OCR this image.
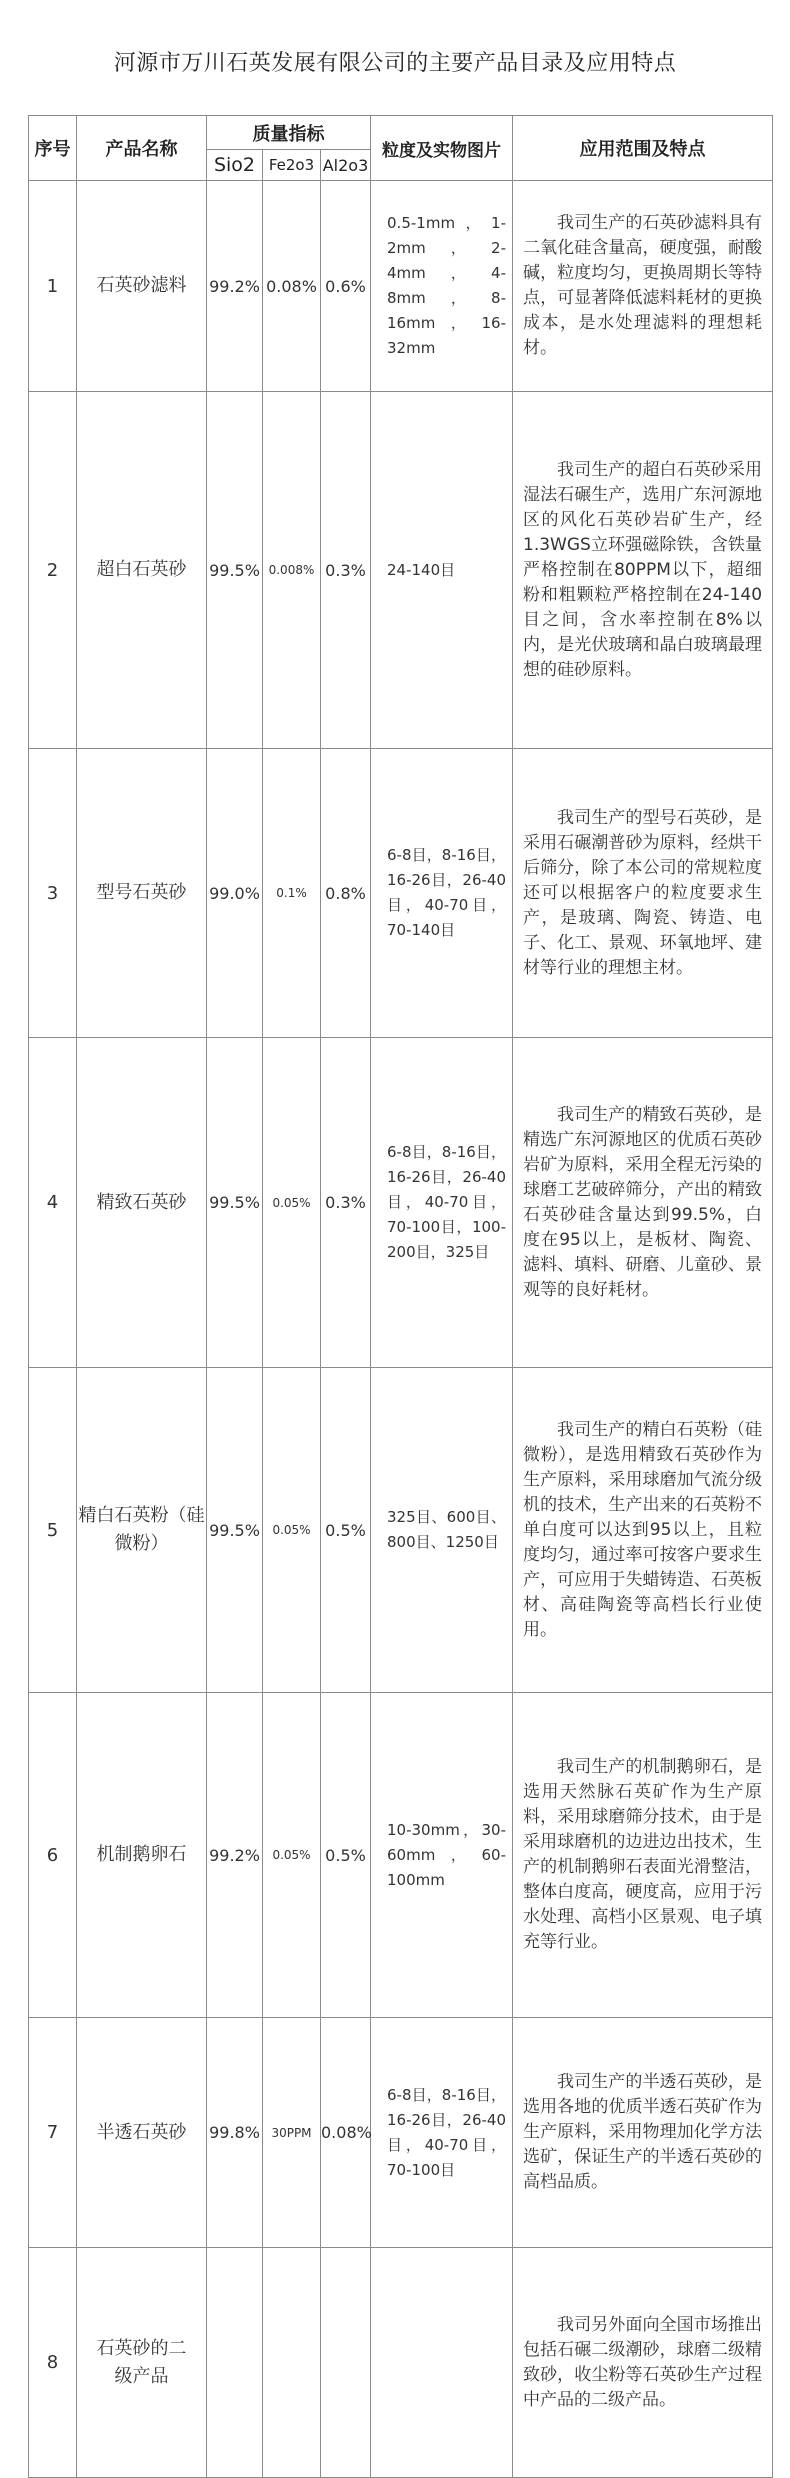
河源市万川石英发展有限公司的主要产品目录及应用特点
序号	产品名称	质量指标			粒度及实物图片	应用范围及特点
		Sio2	Fe2o3	Al2o3		
1	石英砂滤料	99.2%	0.08%	0.6%	0.5-1mm，1-2mm，2-4mm，4-8mm，8-16mm，16-32mm	我司生产的石英砂滤料具有二氧化硅含量高，硬度强，耐酸碱，粒度均匀，更换周期长等特点，可显著降低滤料耗材的更换成本，是水处理滤料的理想耗材。

2	超白石英砂	99.5%	0.008%	0.3%	24-140目	我司生产的超白石英砂采用湿法石碾生产，选用广东河源地区的风化石英砂岩矿生产，经1.3WGS立环强磁除铁，含铁量严格控制在80PPM以下，超细粉和粗颗粒严格控制在24-140目之间，含水率控制在8%以内，是光伏玻璃和晶白玻璃最理想的硅砂原料。

3	型号石英砂	99.0%	0.1%	0.8%	6-8目，8-16目，16-26目，26-40目，40-70目，70-140目	我司生产的型号石英砂，是采用石碾潮普砂为原料，经烘干后筛分，除了本公司的常规粒度还可以根据客户的粒度要求生产，是玻璃、陶瓷、铸造、电子、化工、景观、环氧地坪、建材等行业的理想主材。

4	精致石英砂	99.5%	0.05%	0.3%	6-8目，8-16目，16-26目，26-40目，40-70目，70-100目，100-200目，325目	我司生产的精致石英砂，是精选广东河源地区的优质石英砂岩矿为原料，采用全程无污染的球磨工艺破碎筛分，产出的精致石英砂硅含量达到99.5%，白度在95以上，是板材、陶瓷、滤料、填料、研磨、儿童砂、景观等的良好耗材。

5	精白石英粉（硅微粉）	99.5%	0.05%	0.5%	325目、600目、800目、1250目	我司生产的精白石英粉（硅微粉），是选用精致石英砂作为生产原料，采用球磨加气流分级机的技术，生产出来的石英粉不单白度可以达到95以上，且粒度均匀，通过率可按客户要求生产，可应用于失蜡铸造、石英板材、高硅陶瓷等高档长行业使用。

6	机制鹅卵石	99.2%	0.05%	0.5%	10-30mm，30-60mm，60-100mm	我司生产的机制鹅卵石，是选用天然脉石英矿作为生产原料，采用球磨筛分技术，由于是采用球磨机的边进边出技术，生产的机制鹅卵石表面光滑整洁，整体白度高，硬度高，应用于污水处理、高档小区景观、电子填充等行业。

7	半透石英砂	99.8%	30PPM	0.08%	6-8目，8-16目，16-26目，26-40目，40-70目，70-100目	我司生产的半透石英砂，是选用各地的优质半透石英矿作为生产原料，采用物理加化学方法选矿，保证生产的半透石英砂的高档品质。

8	石英砂的二级产品					我司另外面向全国市场推出包括石碾二级潮砂，球磨二级精致砂，收尘粉等石英砂生产过程中产品的二级产品。
